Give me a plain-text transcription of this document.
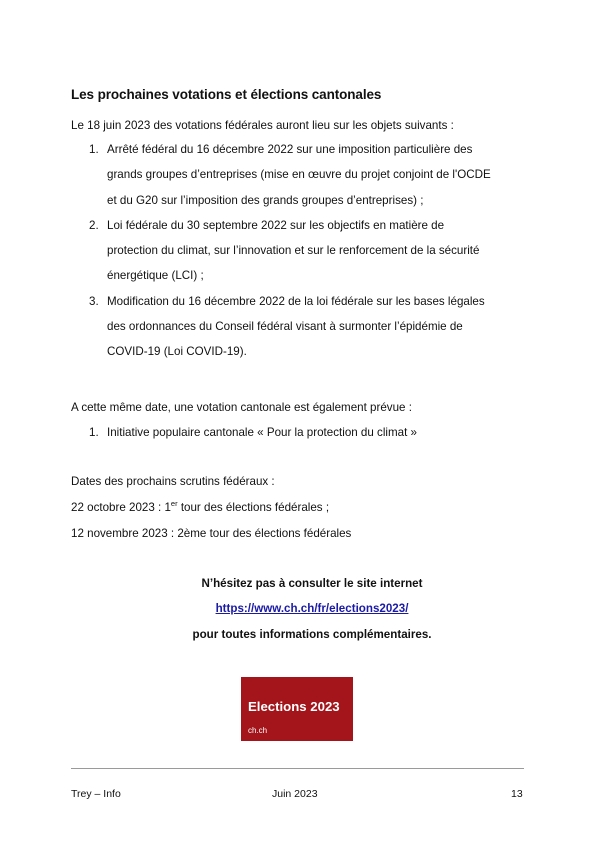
Les prochaines votations et élections cantonales
Le 18 juin 2023 des votations fédérales auront lieu sur les objets suivants :
1. Arrêté fédéral du 16 décembre 2022 sur une imposition particulière des
grands groupes d’entreprises (mise en œuvre du projet conjoint de l'OCDE
et du G20 sur l’imposition des grands groupes d’entreprises) ;
2. Loi fédérale du 30 septembre 2022 sur les objectifs en matière de
protection du climat, sur l’innovation et sur le renforcement de la sécurité
énergétique (LCI) ;
3. Modification du 16 décembre 2022 de la loi fédérale sur les bases légales
des ordonnances du Conseil fédéral visant à surmonter l’épidémie de
COVID-19 (Loi COVID-19).
A cette même date, une votation cantonale est également prévue :
1. Initiative populaire cantonale « Pour la protection du climat »
Dates des prochains scrutins fédéraux :
22 octobre 2023 : 1er tour des élections fédérales ;
12 novembre 2023 : 2ème tour des élections fédérales
N’hésitez pas à consulter le site internet
https://www.ch.ch/fr/elections2023/
pour toutes informations complémentaires.
Elections 2023
ch.ch
Trey – Info	Juin 2023	13
